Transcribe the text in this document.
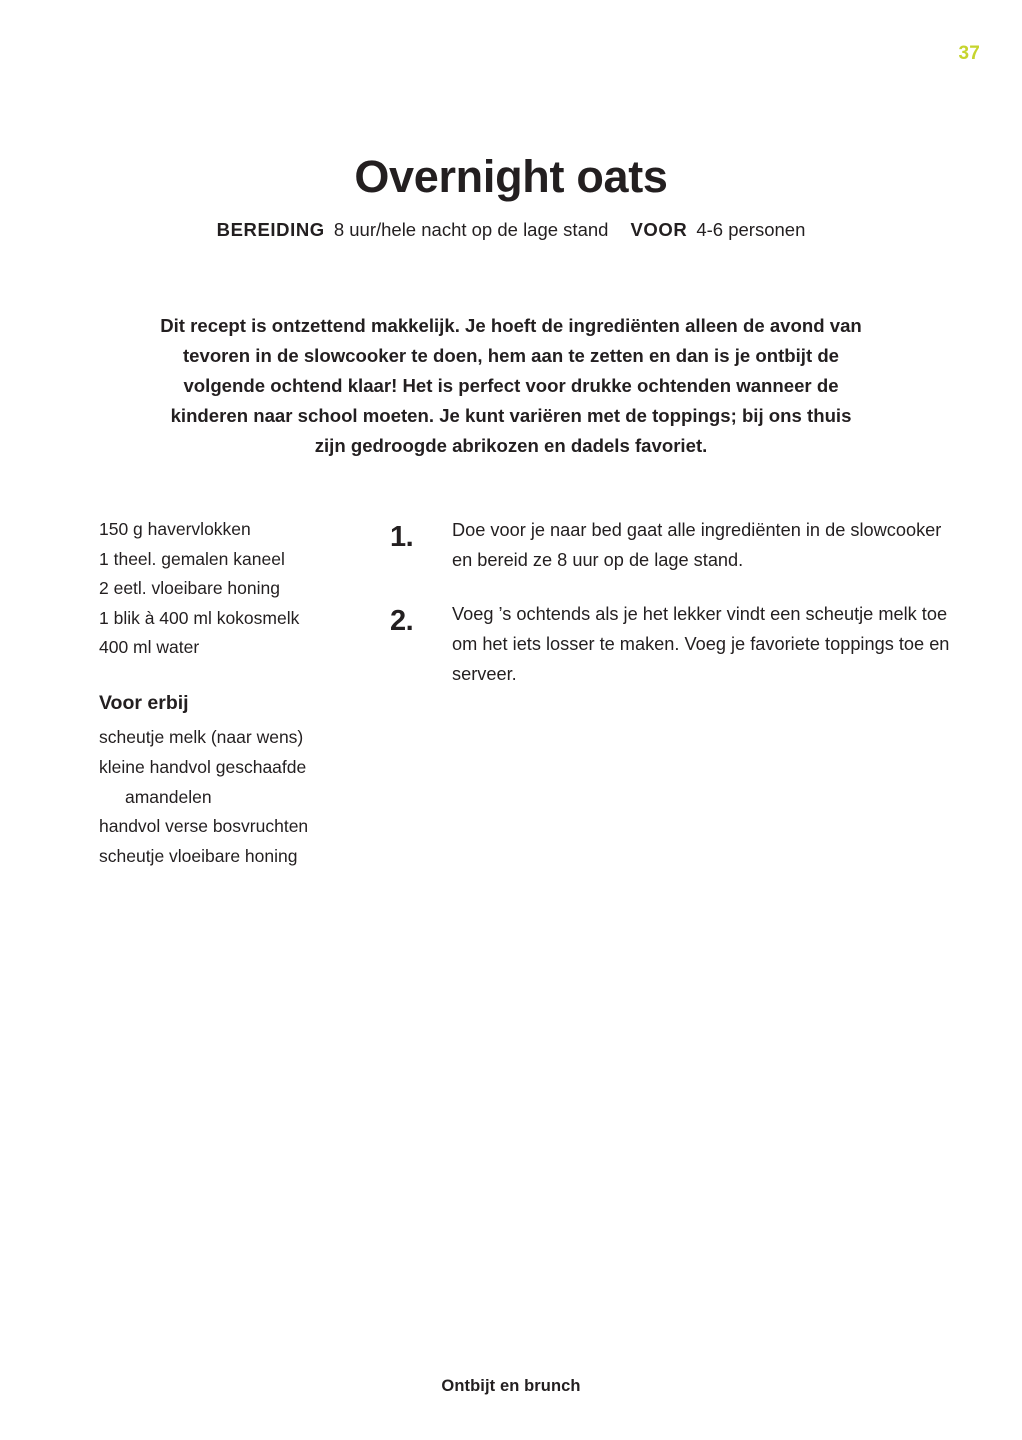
37
Overnight oats
BEREIDING 8 uur/hele nacht op de lage stand VOOR 4-6 personen

Dit recept is ontzettend makkelijk. Je hoeft de ingrediënten alleen de avond van tevoren in de slowcooker te doen, hem aan te zetten en dan is je ontbijt de volgende ochtend klaar! Het is perfect voor drukke ochtenden wanneer de kinderen naar school moeten. Je kunt variëren met de toppings; bij ons thuis zijn gedroogde abrikozen en dadels favoriet.

150 g havervlokken
1 theel. gemalen kaneel
2 eetl. vloeibare honing
1 blik à 400 ml kokosmelk
400 ml water
Voor erbij
scheutje melk (naar wens)
kleine handvol geschaafde
amandelen
handvol verse bosvruchten
scheutje vloeibare honing
1. Doe voor je naar bed gaat alle ingrediënten in de slowcooker en bereid ze 8 uur op de lage stand.
2. Voeg ’s ochtends als je het lekker vindt een scheutje melk toe om het iets losser te maken. Voeg je favoriete toppings toe en serveer.
Ontbijt en brunch
